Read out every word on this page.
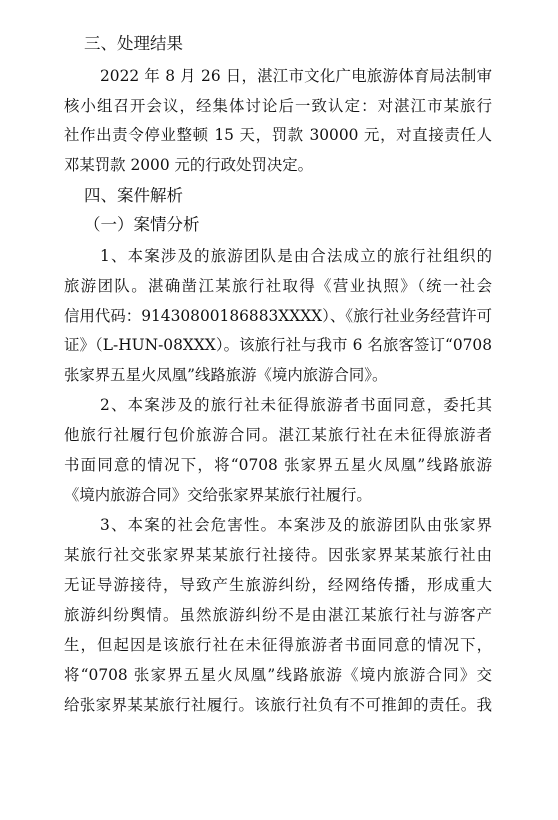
三、处理结果
2022 年 8 月 26 日，湛江市文化广电旅游体育局法制审
核小组召开会议，经集体讨论后一致认定：对湛江市某旅行
社作出责令停业整顿 15 天，罚款 30000 元，对直接责任人
邓某罚款 2000 元的行政处罚决定。
四、案件解析
（一）案情分析
1、本案涉及的旅游团队是由合法成立的旅行社组织的
旅游团队。湛确凿江某旅行社取得《营业执照》（统一社会
信用代码：91430800186883XXXX）、《旅行社业务经营许可
证》（L-HUN-08XXX）。该旅行社与我市 6 名旅客签订“0708
张家界五星火凤凰”线路旅游《境内旅游合同》。
2、本案涉及的旅行社未征得旅游者书面同意，委托其
他旅行社履行包价旅游合同。湛江某旅行社在未征得旅游者
书面同意的情况下，将“0708 张家界五星火凤凰”线路旅游
《境内旅游合同》交给张家界某旅行社履行。
3、本案的社会危害性。本案涉及的旅游团队由张家界
某旅行社交张家界某某旅行社接待。因张家界某某旅行社由
无证导游接待，导致产生旅游纠纷，经网络传播，形成重大
旅游纠纷舆情。虽然旅游纠纷不是由湛江某旅行社与游客产
生，但起因是该旅行社在未征得旅游者书面同意的情况下，
将“0708 张家界五星火凤凰”线路旅游《境内旅游合同》交
给张家界某某旅行社履行。该旅行社负有不可推卸的责任。我
